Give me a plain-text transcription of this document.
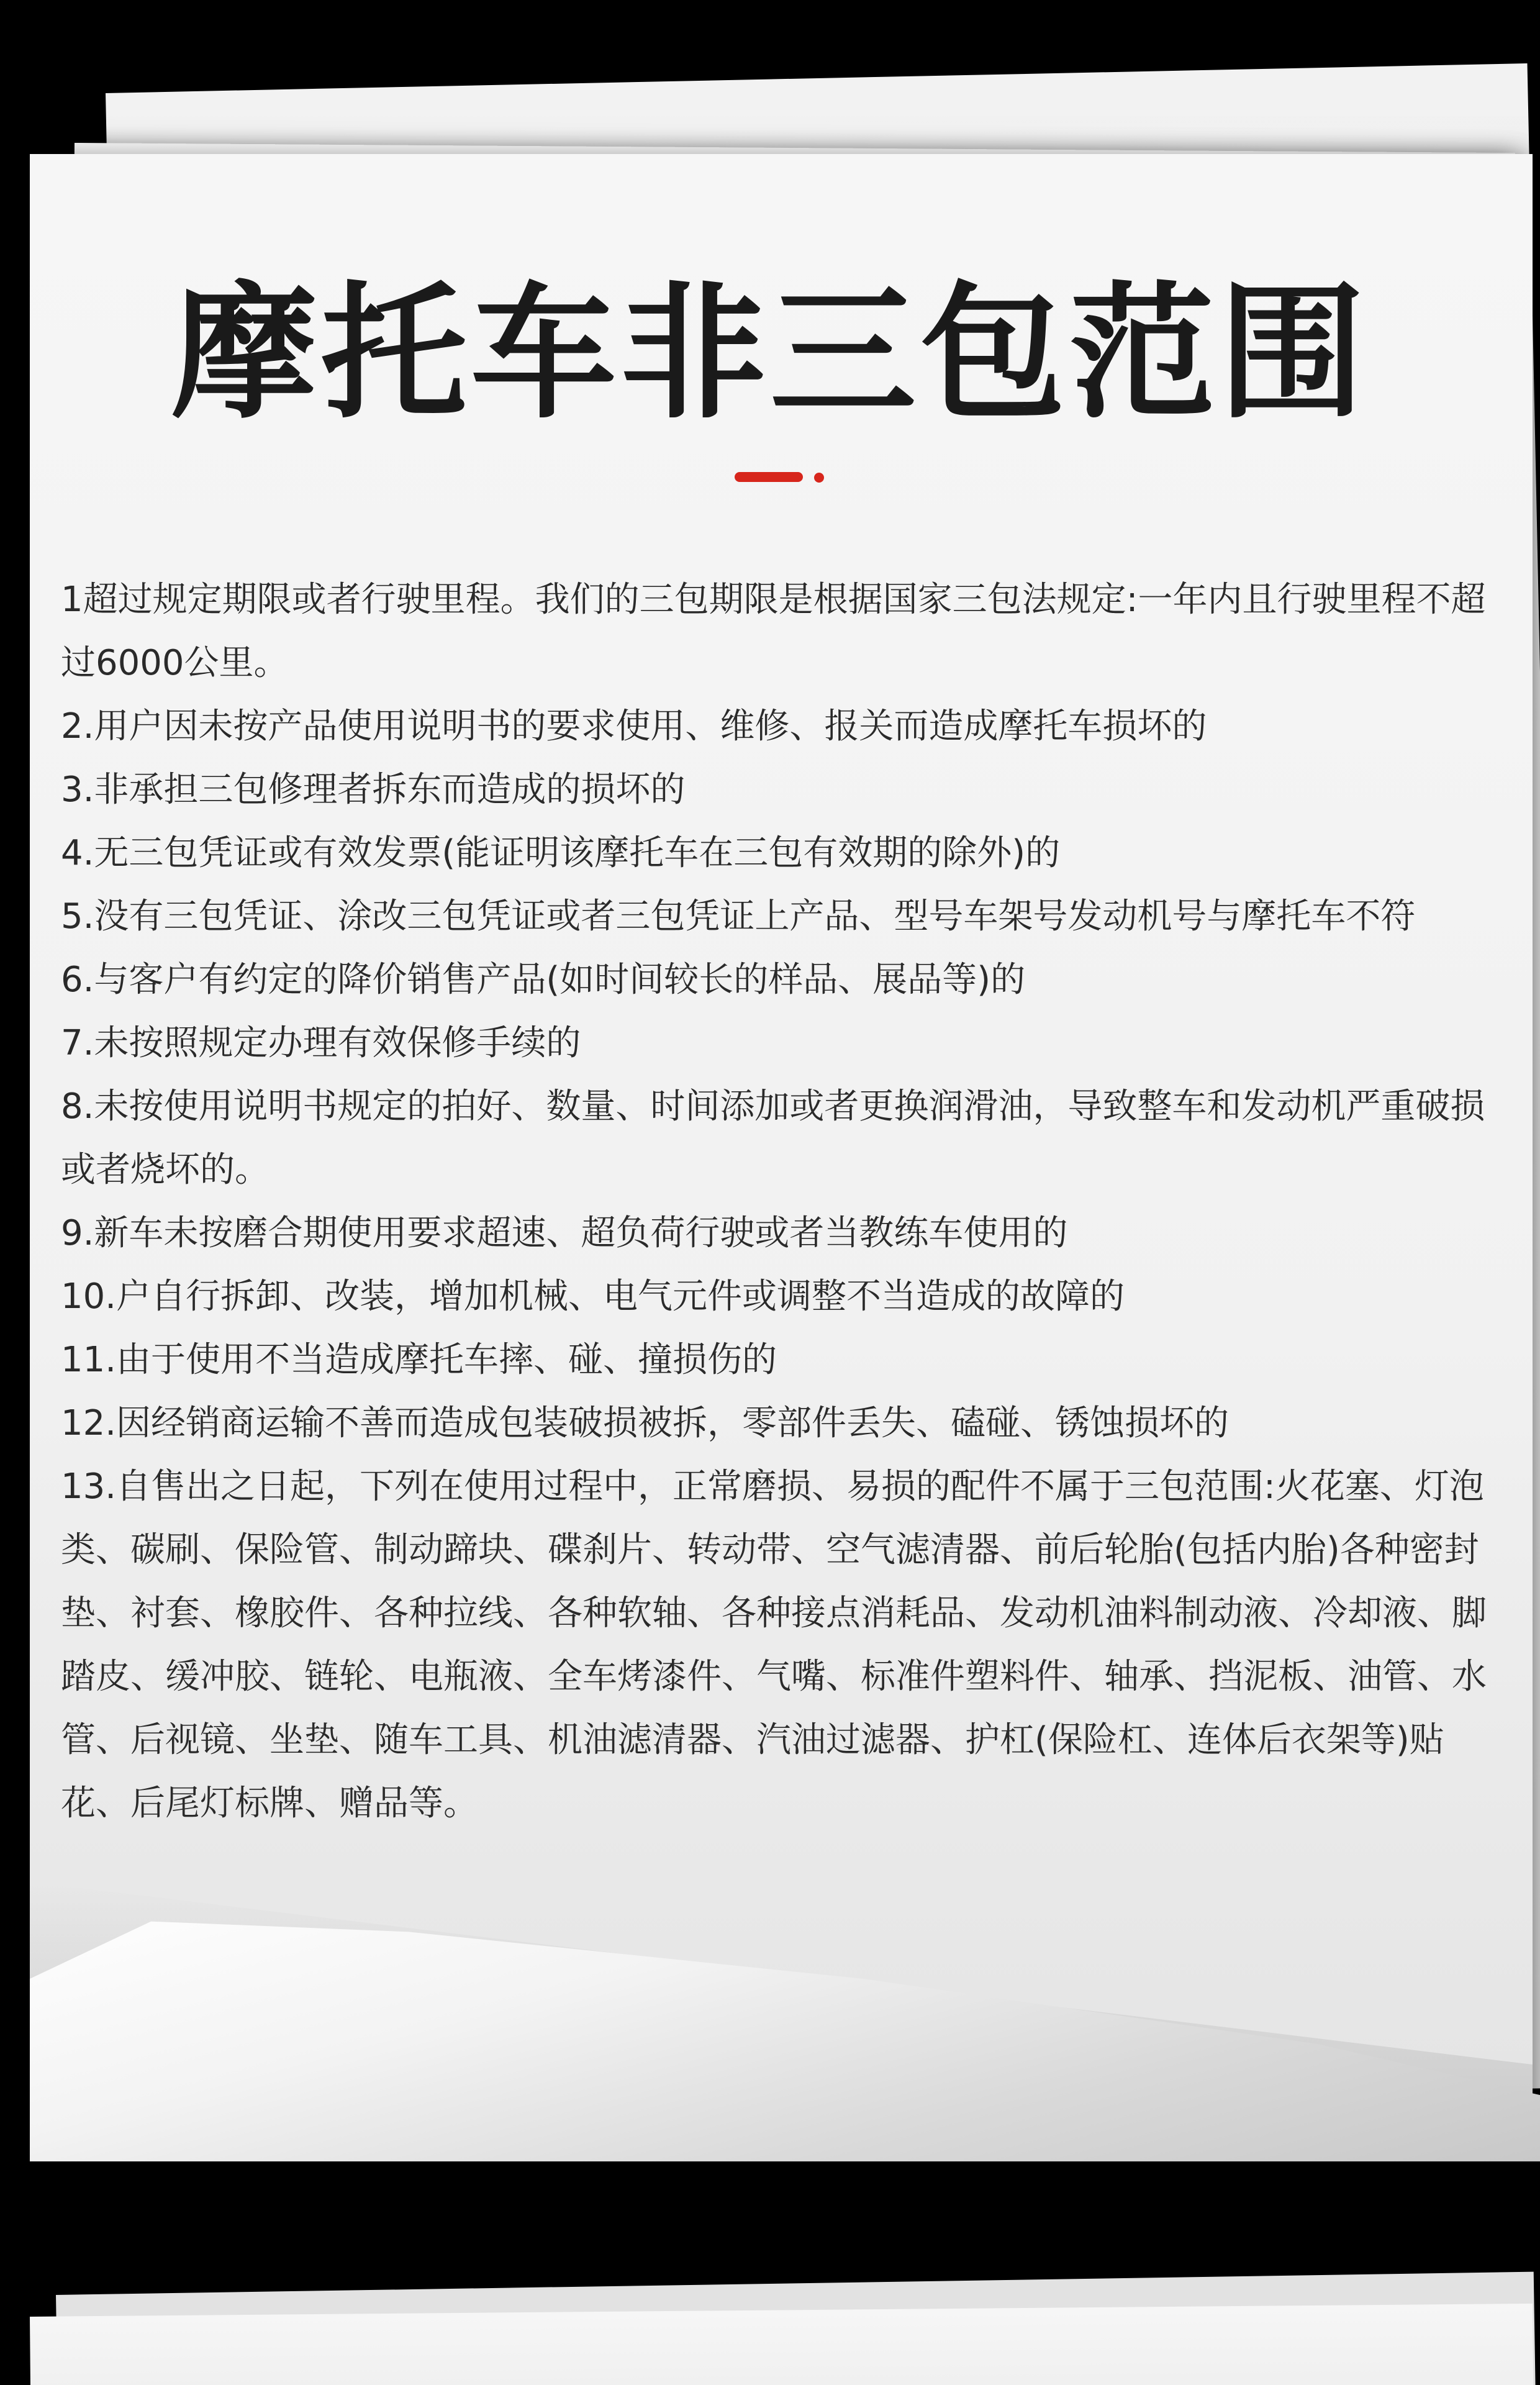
摩托车非三包范围
1超过规定期限或者行驶里程。我们的三包期限是根据国家三包法规定:一年内且行驶里程不超过6000公里。
2.用户因未按产品使用说明书的要求使用、维修、报关而造成摩托车损坏的
3.非承担三包修理者拆东而造成的损坏的
4.无三包凭证或有效发票(能证明该摩托车在三包有效期的除外)的
5.没有三包凭证、涂改三包凭证或者三包凭证上产品、型号车架号发动机号与摩托车不符
6.与客户有约定的降价销售产品(如时间较长的样品、展品等)的
7.未按照规定办理有效保修手续的
8.未按使用说明书规定的拍好、数量、时间添加或者更换润滑油，导致整车和发动机严重破损或者烧坏的。
9.新车未按磨合期使用要求超速、超负荷行驶或者当教练车使用的
10.户自行拆卸、改装，增加机械、电气元件或调整不当造成的故障的
11.由于使用不当造成摩托车摔、碰、撞损伤的
12.因经销商运输不善而造成包装破损被拆，零部件丢失、磕碰、锈蚀损坏的
13.自售出之日起，下列在使用过程中，正常磨损、易损的配件不属于三包范围:火花塞、灯泡类、碳刷、保险管、制动蹄块、碟刹片、转动带、空气滤清器、前后轮胎(包括内胎)各种密封垫、衬套、橡胶件、各种拉线、各种软轴、各种接点消耗品、发动机油料制动液、冷却液、脚踏皮、缓冲胶、链轮、电瓶液、全车烤漆件、气嘴、标准件塑料件、轴承、挡泥板、油管、水管、后视镜、坐垫、随车工具、机油滤清器、汽油过滤器、护杠(保险杠、连体后衣架等)贴花、后尾灯标牌、赠品等。
